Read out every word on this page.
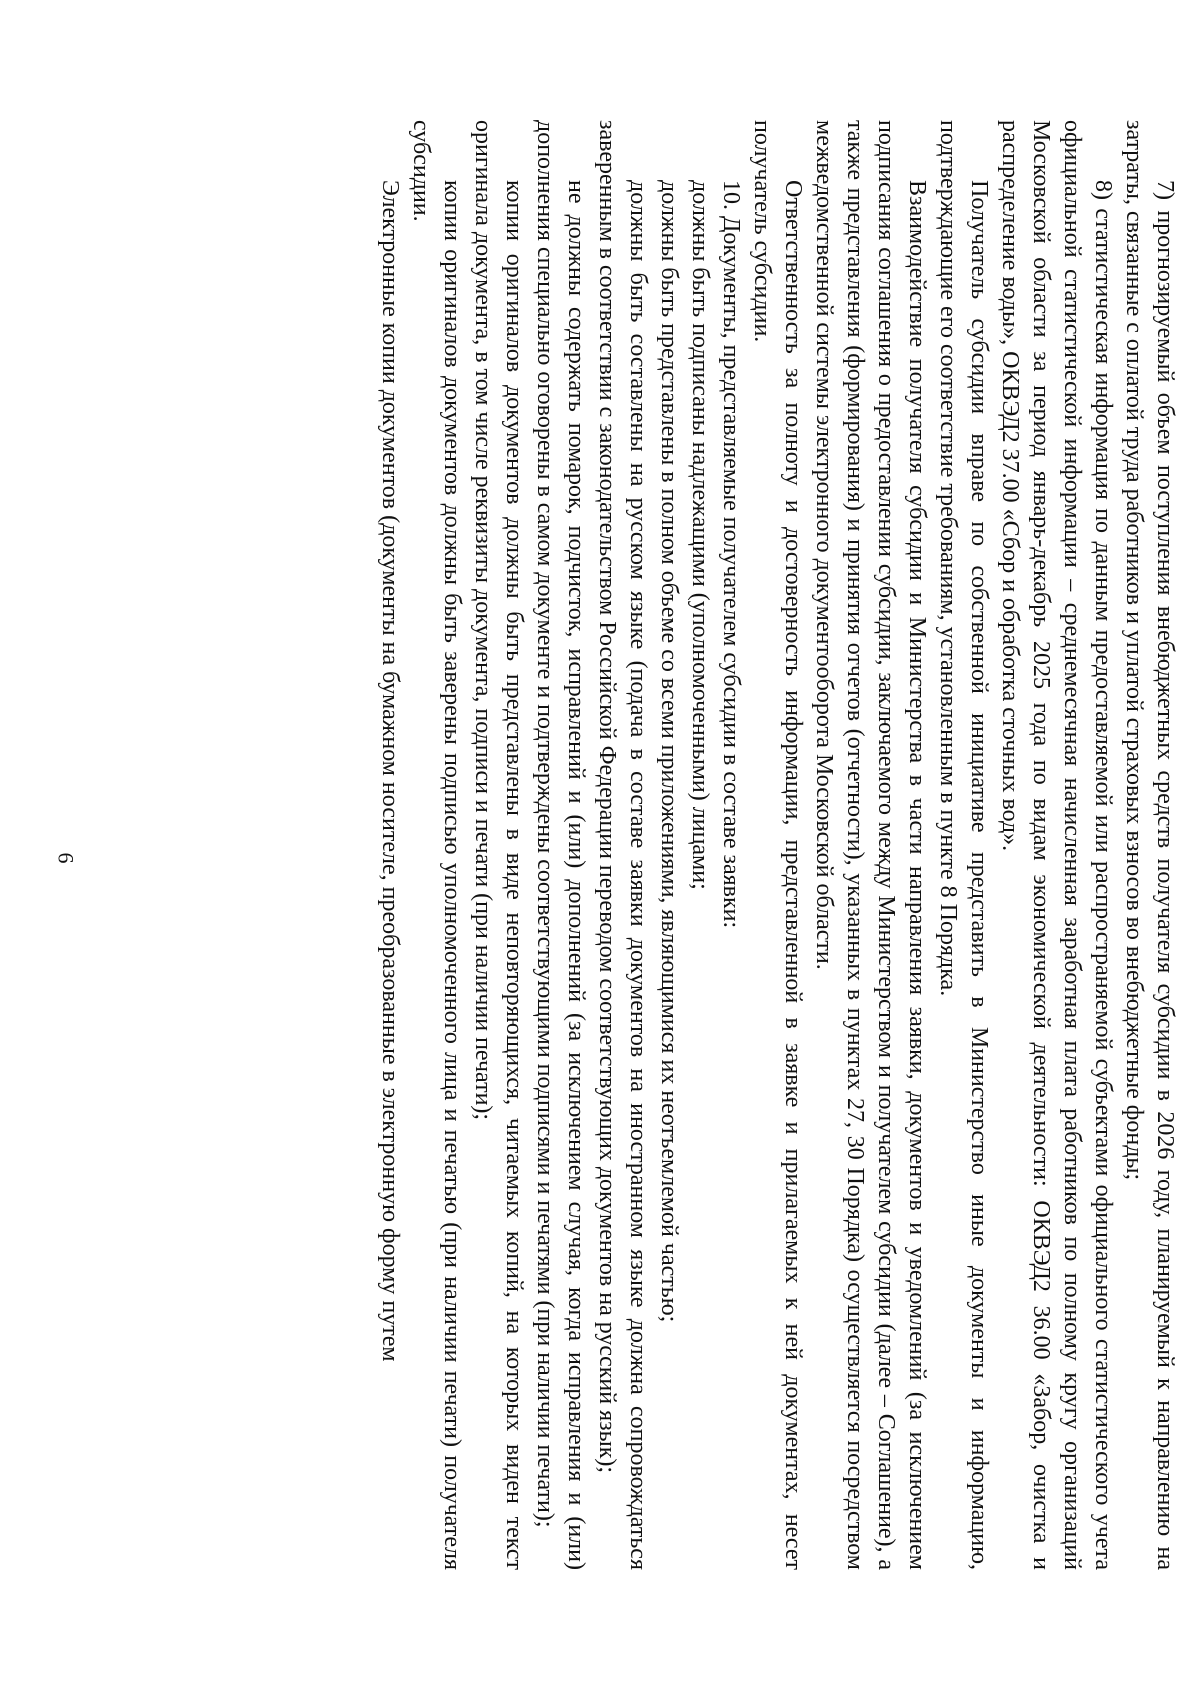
6	7) прогнозируемый объем поступления внебюджетных средств получателя субсидии в 2026 году, планируемый к направлению на затраты, связанные с оплатой труда работников и уплатой страховых взносов во внебюджетные фонды;

8) статистическая информация по данным предоставляемой или распространяемой субъектами официального статистического учета официальной статистической информации – среднемесячная начисленная заработная плата работников по полному кругу организаций Московской области за период январь-декабрь 2025 года по видам экономической деятельности: ОКВЭД2 36.00 «Забор, очистка и распределение воды», ОКВЭД2 37.00 «Сбор и обработка сточных вод».

Получатель субсидии вправе по собственной инициативе представить в Министерство иные документы и информацию, подтверждающие его соответствие требованиям, установленным в пункте 8 Порядка.

Взаимодействие получателя субсидии и Министерства в части направления заявки, документов и уведомлений (за исключением подписания соглашения о предоставлении субсидии, заключаемого между Министерством и получателем субсидии (далее – Соглашение), а также представления (формирования) и принятия отчетов (отчетности), указанных в пунктах 27, 30 Порядка) осуществляется посредством межведомственной системы электронного документооборота Московской области.

Ответственность за полноту и достоверность информации, представленной в заявке и прилагаемых к ней документах, несет получатель субсидии.

10. Документы, представляемые получателем субсидии в составе заявки:

должны быть подписаны надлежащими (уполномоченными) лицами;

должны быть представлены в полном объеме со всеми приложениями, являющимися их неотъемлемой частью;

должны быть составлены на русском языке (подача в составе заявки документов на иностранном языке должна сопровождаться заверенным в соответствии с законодательством Российской Федерации переводом соответствующих документов на русский язык);

не должны содержать помарок, подчисток, исправлений и (или) дополнений (за исключением случая, когда исправления и (или) дополнения специально оговорены в самом документе и подтверждены соответствующими подписями и печатями (при наличии печати);

копии оригиналов документов должны быть представлены в виде неповторяющихся, читаемых копий, на которых виден текст оригинала документа, в том числе реквизиты документа, подписи и печати (при наличии печати);

копии оригиналов документов должны быть заверены подписью уполномоченного лица и печатью (при наличии печати) получателя субсидии.

Электронные копии документов (документы на бумажном носителе, преобразованные в электронную форму путем
